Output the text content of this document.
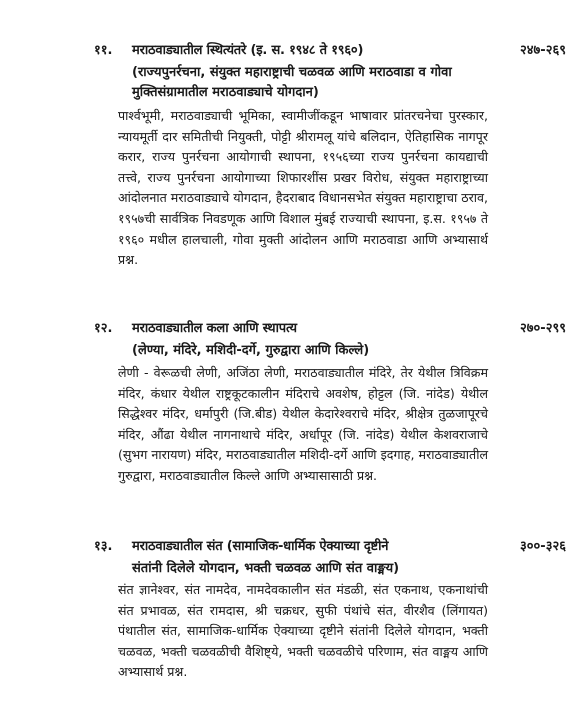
११. मराठवाड्यातील स्थित्यंतरे (इ. स. १९४८ ते १९६०)	२४७-२६९
(राज्यपुनर्रचना, संयुक्त महाराष्ट्राची चळवळ आणि मराठवाडा व गोवा मुक्तिसंग्रामातील मराठवाड्याचे योगदान)
पार्श्वभूमी, मराठवाड्याची भूमिका, स्वामीजींकडून भाषावार प्रांतरचनेचा पुरस्कार, न्यायमूर्ती दार समितीची नियुक्ती, पोट्टी श्रीरामलू यांचे बलिदान, ऐतिहासिक नागपूर करार, राज्य पुनर्रचना आयोगाची स्थापना, १९५६च्या राज्य पुनर्रचना कायद्याची तत्त्वे, राज्य पुनर्रचना आयोगाच्या शिफारशींस प्रखर विरोध, संयुक्त महाराष्ट्राच्या आंदोलनात मराठवाड्याचे योगदान, हैदराबाद विधानसभेत संयुक्त महाराष्ट्राचा ठराव, १९५७ची सार्वत्रिक निवडणूक आणि विशाल मुंबई राज्याची स्थापना, इ.स. १९५७ ते १९६० मधील हालचाली, गोवा मुक्ती आंदोलन आणि मराठवाडा आणि अभ्यासार्थ प्रश्न.
१२. मराठवाड्यातील कला आणि स्थापत्य	२७०-२९९
(लेण्या, मंदिरे, मशिदी-दर्गे, गुरुद्वारा आणि किल्ले)
लेणी - वेरूळची लेणी, अजिंठा लेणी, मराठवाड्यातील मंदिरे, तेर येथील त्रिविक्रम मंदिर, कंधार येथील राष्ट्रकूटकालीन मंदिराचे अवशेष, होट्टल (जि. नांदेड) येथील सिद्धेश्वर मंदिर, धर्मापुरी (जि.बीड) येथील केदारेश्वराचे मंदिर, श्रीक्षेत्र तुळजापूरचे मंदिर, औंढा येथील नागनाथाचे मंदिर, अर्धापूर (जि. नांदेड) येथील केशवराजाचे (सुभग नारायण) मंदिर, मराठवाड्यातील मशिदी-दर्गे आणि इदगाह, मराठवाड्यातील गुरुद्वारा, मराठवाड्यातील किल्ले आणि अभ्यासासाठी प्रश्न.
१३. मराठवाड्यातील संत (सामाजिक-धार्मिक ऐक्याच्या दृष्टीने	३००-३२६
संतांनी दिलेले योगदान, भक्ती चळवळ आणि संत वाङ्मय)
संत ज्ञानेश्वर, संत नामदेव, नामदेवकालीन संत मंडळी, संत एकनाथ, एकनाथांची संत प्रभावळ, संत रामदास, श्री चक्रधर, सुफी पंथांचे संत, वीरशैव (लिंगायत) पंथातील संत, सामाजिक-धार्मिक ऐक्याच्या दृष्टीने संतांनी दिलेले योगदान, भक्ती चळवळ, भक्ती चळवळीची वैशिष्ट्ये, भक्ती चळवळीचे परिणाम, संत वाङ्मय आणि अभ्यासार्थ प्रश्न.
